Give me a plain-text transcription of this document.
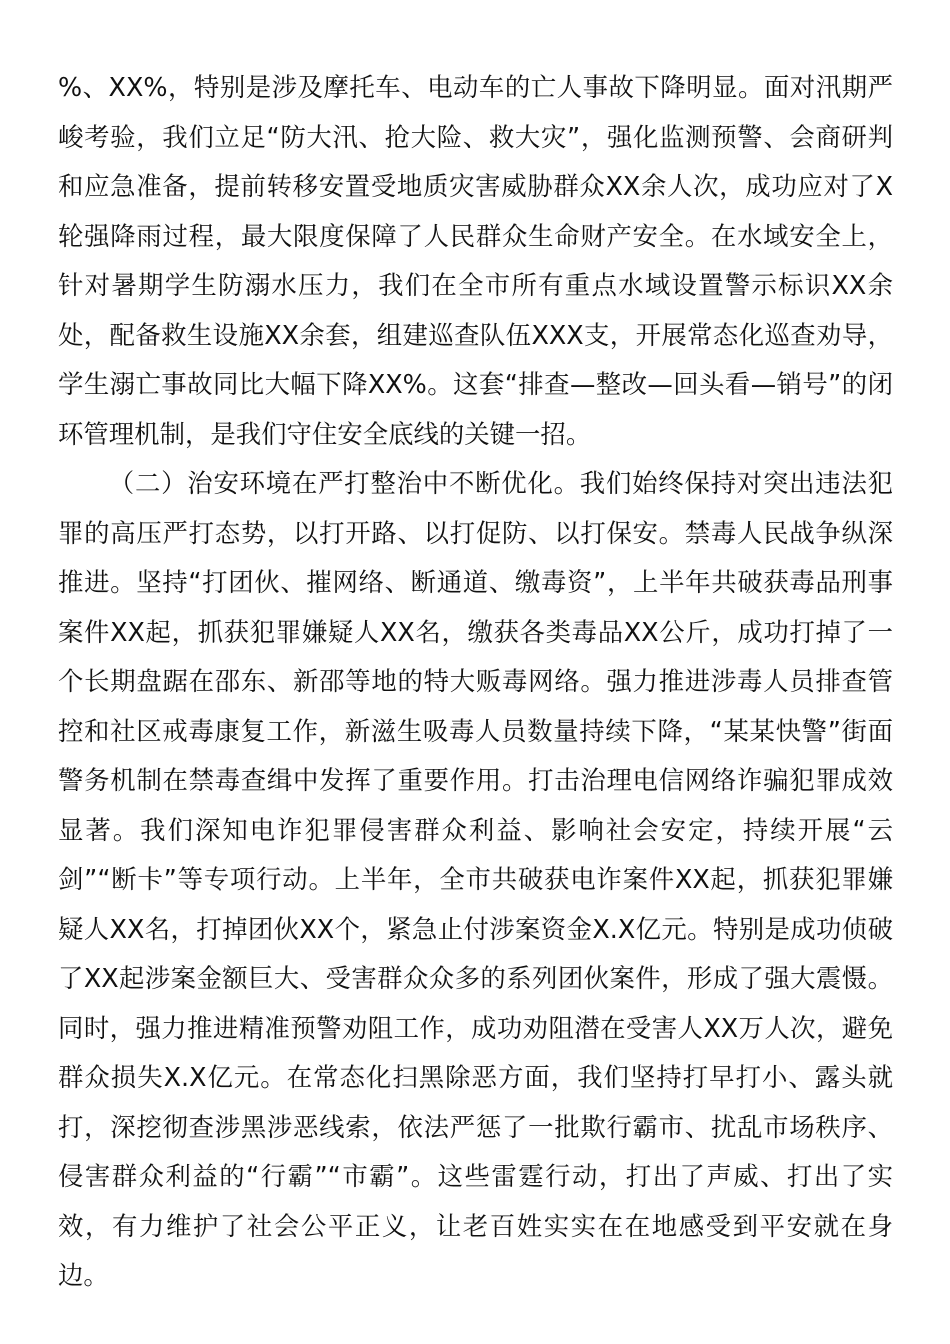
%、XX%，特别是涉及摩托车、电动车的亡人事故下降明显。面对汛期严峻考验，我们立足“防大汛、抢大险、救大灾”，强化监测预警、会商研判和应急准备，提前转移安置受地质灾害威胁群众XX余人次，成功应对了X轮强降雨过程，最大限度保障了人民群众生命财产安全。在水域安全上，针对暑期学生防溺水压力，我们在全市所有重点水域设置警示标识XX余处，配备救生设施XX余套，组建巡查队伍XXX支，开展常态化巡查劝导，学生溺亡事故同比大幅下降XX%。这套“排查—整改—回头看—销号”的闭环管理机制，是我们守住安全底线的关键一招。

（二）治安环境在严打整治中不断优化。我们始终保持对突出违法犯罪的高压严打态势，以打开路、以打促防、以打保安。禁毒人民战争纵深推进。坚持“打团伙、摧网络、断通道、缴毒资”，上半年共破获毒品刑事案件XX起，抓获犯罪嫌疑人XX名，缴获各类毒品XX公斤，成功打掉了一个长期盘踞在邵东、新邵等地的特大贩毒网络。强力推进涉毒人员排查管控和社区戒毒康复工作，新滋生吸毒人员数量持续下降，“某某快警”街面警务机制在禁毒查缉中发挥了重要作用。打击治理电信网络诈骗犯罪成效显著。我们深知电诈犯罪侵害群众利益、影响社会安定，持续开展“云剑”“断卡”等专项行动。上半年，全市共破获电诈案件XX起，抓获犯罪嫌疑人XX名，打掉团伙XX个，紧急止付涉案资金X.X亿元。特别是成功侦破了XX起涉案金额巨大、受害群众众多的系列团伙案件，形成了强大震慑。同时，强力推进精准预警劝阻工作，成功劝阻潜在受害人XX万人次，避免群众损失X.X亿元。在常态化扫黑除恶方面，我们坚持打早打小、露头就打，深挖彻查涉黑涉恶线索，依法严惩了一批欺行霸市、扰乱市场秩序、侵害群众利益的“行霸”“市霸”。这些雷霆行动，打出了声威、打出了实效，有力维护了社会公平正义，让老百姓实实在在地感受到平安就在身边。
